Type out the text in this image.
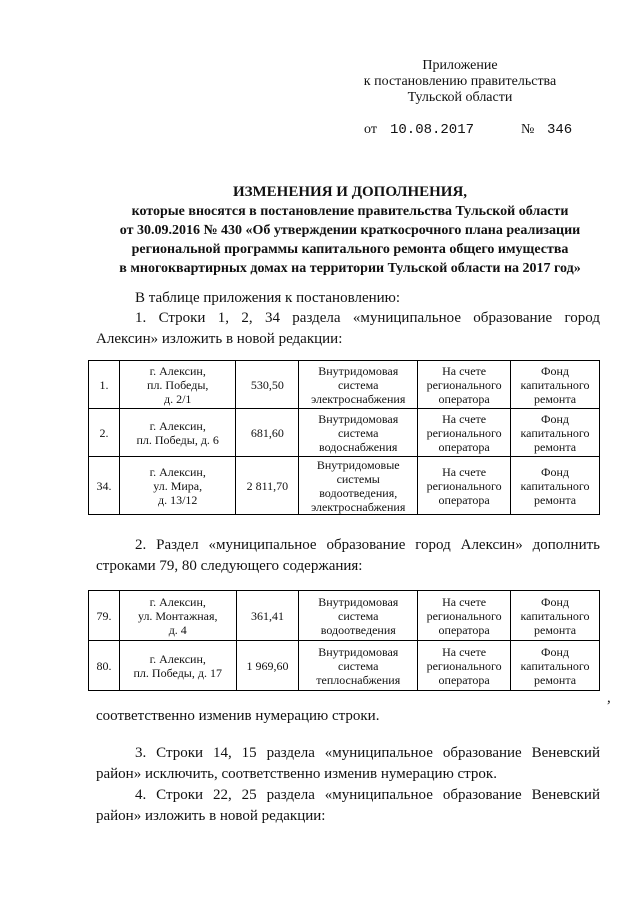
Приложение
к постановлению правительства
Тульской области
от 10.08.2017	№ 346
ИЗМЕНЕНИЯ И ДОПОЛНЕНИЯ,
которые вносятся в постановление правительства Тульской области
от 30.09.2016 № 430 «Об утверждении краткосрочного плана реализации
региональной программы капитального ремонта общего имущества
в многоквартирных домах на территории Тульской области на 2017 год»
В таблице приложения к постановлению:
1. Строки 1, 2, 34 раздела «муниципальное образование город
Алексин» изложить в новой редакции:
1.	г. Алексин,
пл. Победы,
д. 2/1	530,50	Внутридомовая
система
электроснабжения	На счете
регионального
оператора	Фонд
капитального
ремонта
2.	г. Алексин,
пл. Победы, д. 6	681,60	Внутридомовая
система
водоснабжения	На счете
регионального
оператора	Фонд
капитального
ремонта
34.	г. Алексин,
ул. Мира,
д. 13/12	2 811,70	Внутридомовые
системы
водоотведения,
электроснабжения	На счете
регионального
оператора	Фонд
капитального
ремонта
2. Раздел «муниципальное образование город Алексин» дополнить
строками 79, 80 следующего содержания:
79.	г. Алексин,
ул. Монтажная,
д. 4	361,41	Внутридомовая
система
водоотведения	На счете
регионального
оператора	Фонд
капитального
ремонта
80.	г. Алексин,
пл. Победы, д. 17	1 969,60	Внутридомовая
система
теплоснабжения	На счете
регионального
оператора	Фонд
капитального
ремонта
,
соответственно изменив нумерацию строки.
3. Строки 14, 15 раздела «муниципальное образование Веневский
район» исключить, соответственно изменив нумерацию строк.
4. Строки 22, 25 раздела «муниципальное образование Веневский
район» изложить в новой редакции:
